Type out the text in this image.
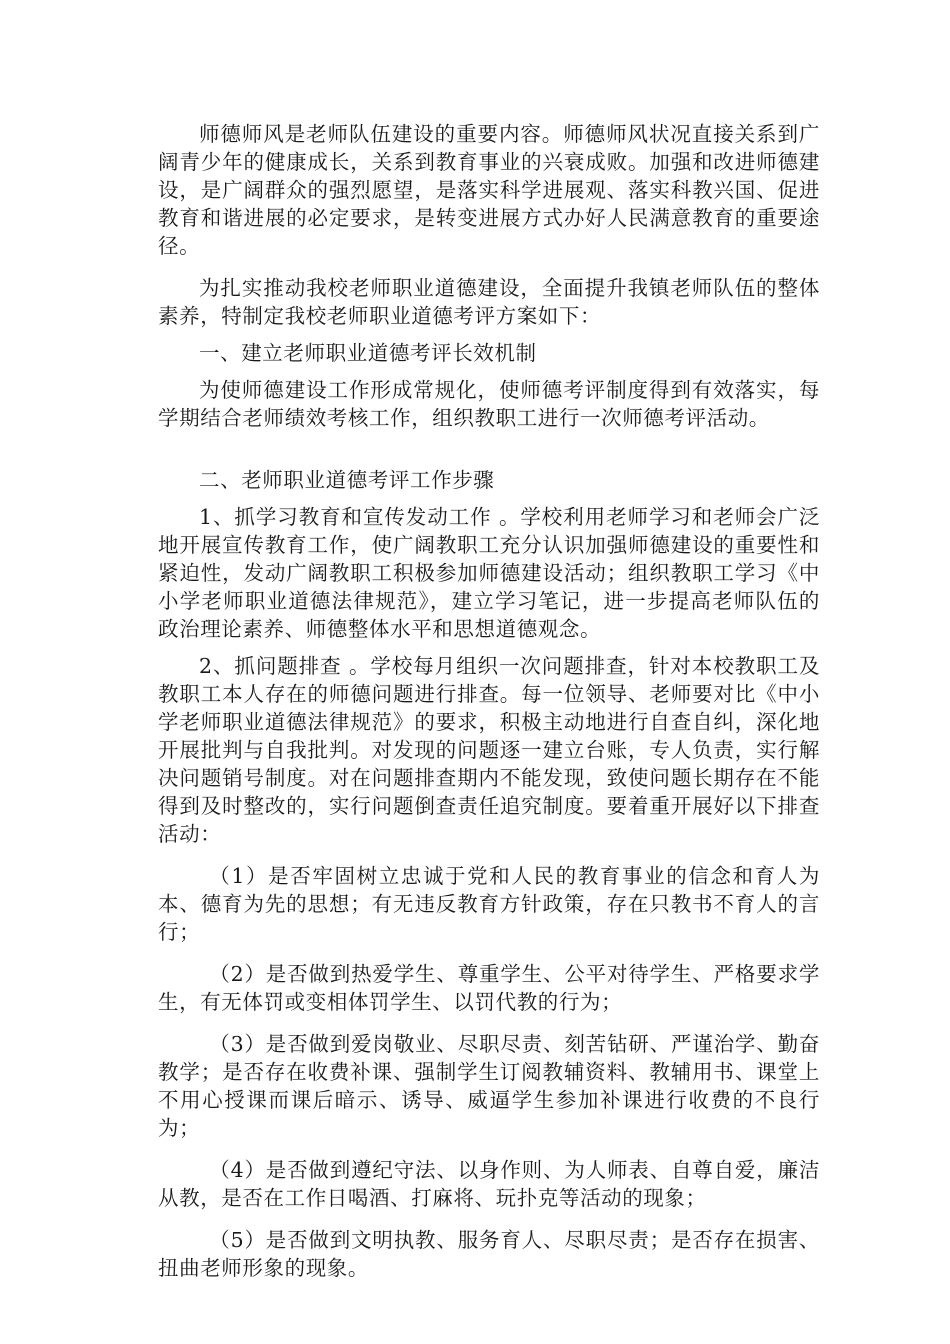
师德师风是老师队伍建设的重要内容。师德师风状况直接关系到广阔青少年的健康成长，关系到教育事业的兴衰成败。加强和改进师德建设，是广阔群众的强烈愿望，是落实科学进展观、落实科教兴国、促进教育和谐进展的必定要求，是转变进展方式办好人民满意教育的重要途径。

为扎实推动我校老师职业道德建设，全面提升我镇老师队伍的整体素养，特制定我校老师职业道德考评方案如下：

一、建立老师职业道德考评长效机制

为使师德建设工作形成常规化，使师德考评制度得到有效落实，每学期结合老师绩效考核工作，组织教职工进行一次师德考评活动。

二、老师职业道德考评工作步骤

1、抓学习教育和宣传发动工作 。学校利用老师学习和老师会广泛地开展宣传教育工作，使广阔教职工充分认识加强师德建设的重要性和紧迫性，发动广阔教职工积极参加师德建设活动；组织教职工学习《中小学老师职业道德法律规范》，建立学习笔记，进一步提高老师队伍的政治理论素养、师德整体水平和思想道德观念。

2、抓问题排查 。学校每月组织一次问题排查，针对本校教职工及教职工本人存在的师德问题进行排查。每一位领导、老师要对比《中小学老师职业道德法律规范》的要求，积极主动地进行自查自纠，深化地开展批判与自我批判。对发现的问题逐一建立台账，专人负责，实行解决问题销号制度。对在问题排查期内不能发现，致使问题长期存在不能得到及时整改的，实行问题倒查责任追究制度。要着重开展好以下排查活动：

（1）是否牢固树立忠诚于党和人民的教育事业的信念和育人为本、德育为先的思想；有无违反教育方针政策，存在只教书不育人的言行；

（2）是否做到热爱学生、尊重学生、公平对待学生、严格要求学生，有无体罚或变相体罚学生、以罚代教的行为；

（3）是否做到爱岗敬业、尽职尽责、刻苦钻研、严谨治学、勤奋教学；是否存在收费补课、强制学生订阅教辅资料、教辅用书、课堂上不用心授课而课后暗示、诱导、威逼学生参加补课进行收费的不良行为；

（4）是否做到遵纪守法、以身作则、为人师表、自尊自爱，廉洁从教，是否在工作日喝酒、打麻将、玩扑克等活动的现象；

（5）是否做到文明执教、服务育人、尽职尽责；是否存在损害、扭曲老师形象的现象。
